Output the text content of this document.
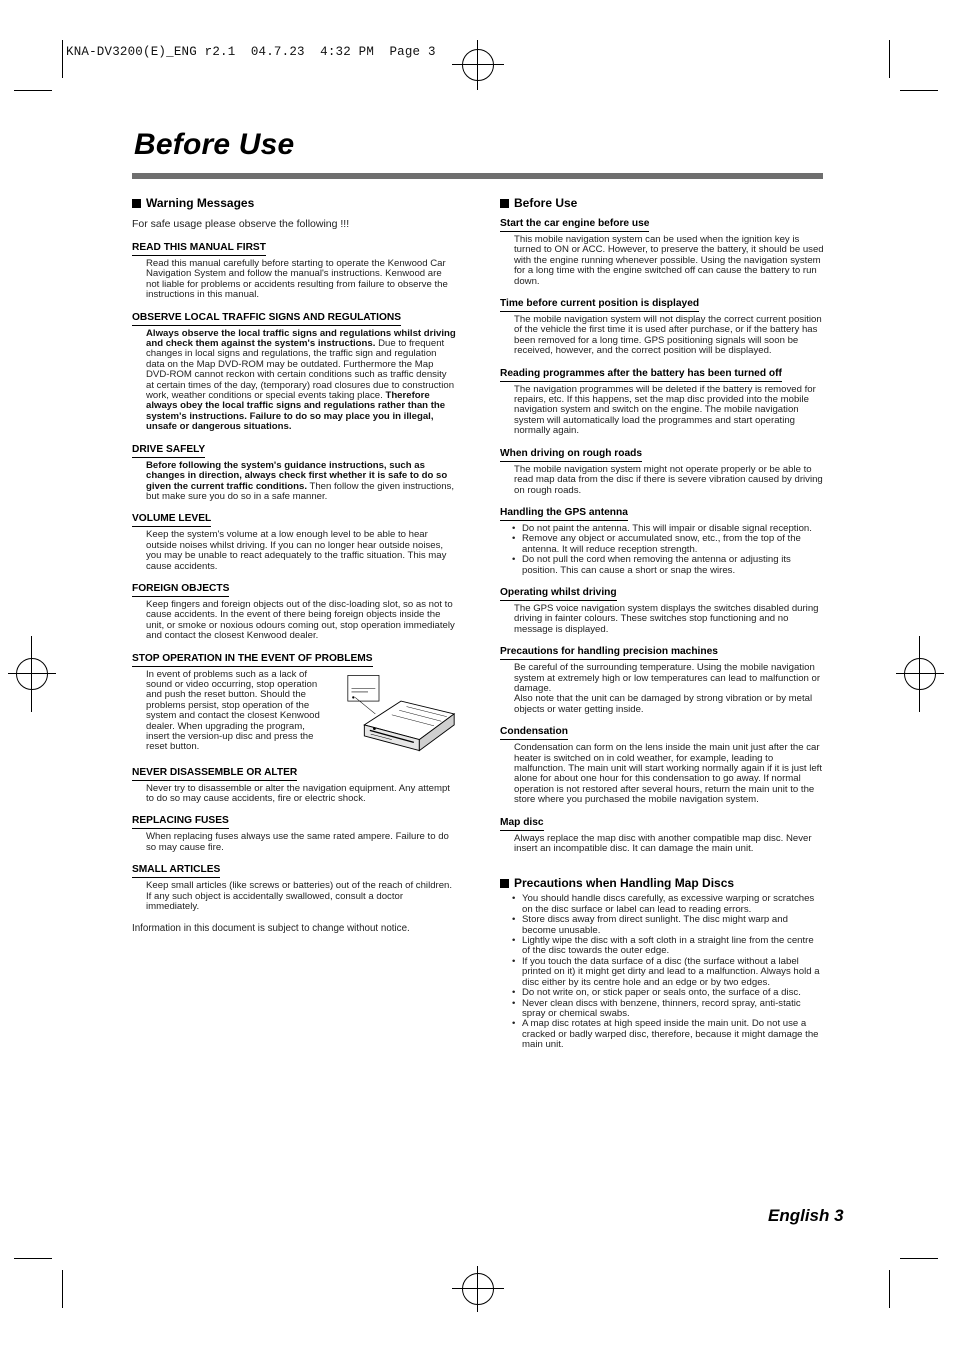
KNA-DV3200(E)_ENG r2.1  04.7.23  4:32 PM  Page 3
Before Use
Warning Messages
For safe usage please observe the following !!!
READ THIS MANUAL FIRST
Read this manual carefully before starting to operate the Kenwood Car Navigation System and follow the manual's instructions. Kenwood are not liable for problems or accidents resulting from failure to observe the instructions in this manual.
OBSERVE LOCAL TRAFFIC SIGNS AND REGULATIONS
Always observe the local traffic signs and regulations whilst driving and check them against the system's instructions. Due to frequent changes in local signs and regulations, the traffic sign and regulation data on the Map DVD-ROM may be outdated. Furthermore the Map DVD-ROM cannot reckon with certain conditions such as traffic density at certain times of the day, (temporary) road closures due to construction work, weather conditions or special events taking place. Therefore always obey the local traffic signs and regulations rather than the system's instructions. Failure to do so may place you in illegal, unsafe or dangerous situations.
DRIVE SAFELY
Before following the system's guidance instructions, such as changes in direction, always check first whether it is safe to do so given the current traffic conditions. Then follow the given instructions, but make sure you do so in a safe manner.
VOLUME LEVEL
Keep the system's volume at a low enough level to be able to hear outside noises whilst driving. If you can no longer hear outside noises, you may be unable to react adequately to the traffic situation. This may cause accidents.
FOREIGN OBJECTS
Keep fingers and foreign objects out of the disc-loading slot, so as not to cause accidents. In the event of there being foreign objects inside the unit, or smoke or noxious odours coming out, stop operation immediately and contact the closest Kenwood dealer.
STOP OPERATION IN THE EVENT OF PROBLEMS
In event of problems such as a lack of sound or video occurring, stop operation and push the reset button. Should the problems persist, stop operation of the system and contact the closest Kenwood dealer. When upgrading the program, insert the version-up disc and press the reset button.
NEVER DISASSEMBLE OR ALTER
Never try to disassemble or alter the navigation equipment. Any attempt to do so may cause accidents, fire or electric shock.
REPLACING FUSES
When replacing fuses always use the same rated ampere. Failure to do so may cause fire.
SMALL ARTICLES
Keep small articles (like screws or batteries) out of the reach of children. If any such object is accidentally swallowed, consult a doctor immediately.
Information in this document is subject to change without notice.
Before Use
Start the car engine before use
This mobile navigation system can be used when the ignition key is turned to ON or ACC. However, to preserve the battery, it should be used with the engine running whenever possible. Using the navigation system for a long time with the engine switched off can cause the battery to run down.
Time before current position is displayed
The mobile navigation system will not display the correct current position of the vehicle the first time it is used after purchase, or if the battery has been removed for a long time. GPS positioning signals will soon be received, however, and the correct position will be displayed.
Reading programmes after the battery has been turned off
The navigation programmes will be deleted if the battery is removed for repairs, etc. If this happens, set the map disc provided into the mobile navigation system and switch on the engine. The mobile navigation system will automatically load the programmes and start operating normally again.
When driving on rough roads
The mobile navigation system might not operate properly or be able to read map data from the disc if there is severe vibration caused by driving on rough roads.
Handling the GPS antenna
• Do not paint the antenna. This will impair or disable signal reception.
• Remove any object or accumulated snow, etc., from the top of the antenna. It will reduce reception strength.
• Do not pull the cord when removing the antenna or adjusting its position. This can cause a short or snap the wires.
Operating whilst driving
The GPS voice navigation system displays the switches disabled during driving in fainter colours. These switches stop functioning and no message is displayed.
Precautions for handling precision machines
Be careful of the surrounding temperature. Using the mobile navigation system at extremely high or low temperatures can lead to malfunction or damage.
Also note that the unit can be damaged by strong vibration or by metal objects or water getting inside.
Condensation
Condensation can form on the lens inside the main unit just after the car heater is switched on in cold weather, for example, leading to malfunction. The main unit will start working normally again if it is just left alone for about one hour for this condensation to go away. If normal operation is not restored after several hours, return the main unit to the store where you purchased the mobile navigation system.
Map disc
Always replace the map disc with another compatible map disc. Never insert an incompatible disc. It can damage the main unit.
Precautions when Handling Map Discs
• You should handle discs carefully, as excessive warping or scratches on the disc surface or label can lead to reading errors.
• Store discs away from direct sunlight. The disc might warp and become unusable.
• Lightly wipe the disc with a soft cloth in a straight line from the centre of the disc towards the outer edge.
• If you touch the data surface of a disc (the surface without a label printed on it) it might get dirty and lead to a malfunction. Always hold a disc either by its centre hole and an edge or by two edges.
• Do not write on, or stick paper or seals onto, the surface of a disc.
• Never clean discs with benzene, thinners, record spray, anti-static spray or chemical swabs.
• A map disc rotates at high speed inside the main unit. Do not use a cracked or badly warped disc, therefore, because it might damage the main unit.
English 3
